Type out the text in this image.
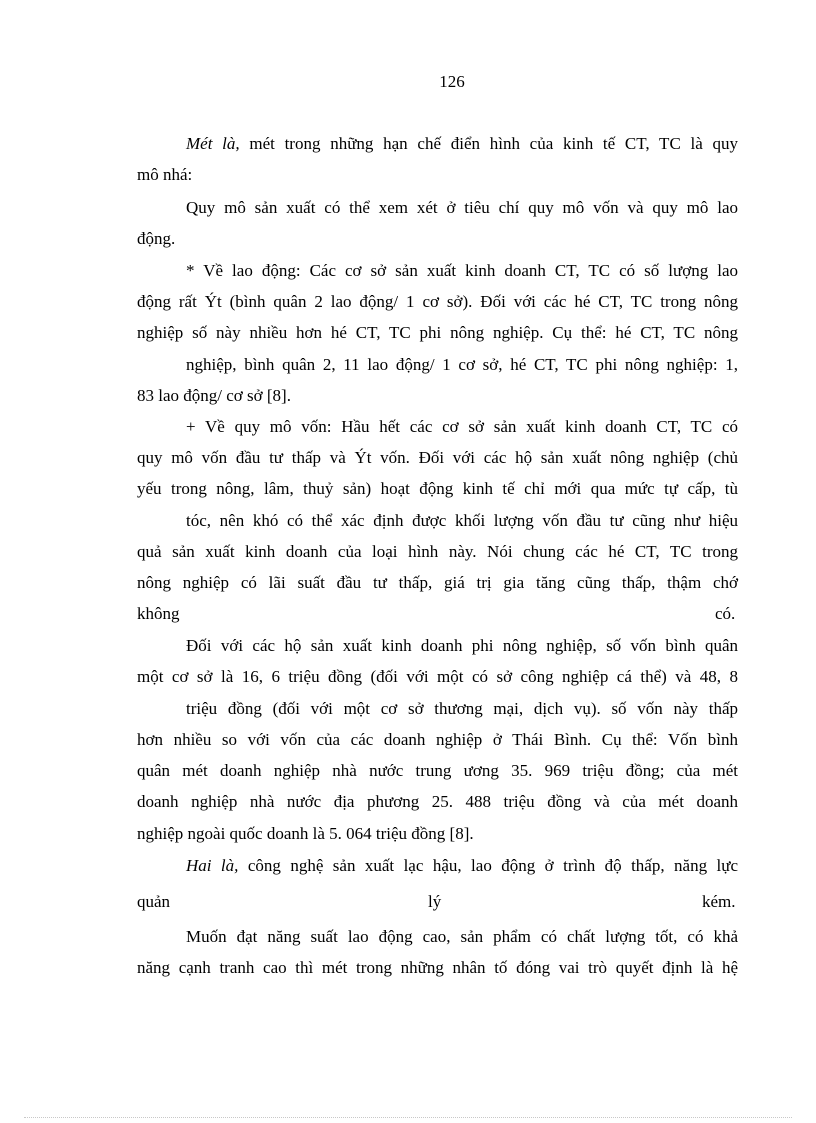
126
Mét là, mét trong những hạn chế điển hình của kinh tế CT, TC là quy
mô nhá:
Quy mô sản xuất có thể xem xét ở tiêu chí quy mô vốn và quy mô lao
động.
* Về lao động: Các cơ sở sản xuất kinh doanh CT, TC có số lượng lao
động rất Ýt (bình quân 2 lao động/ 1 cơ sở). Đối với các hé CT, TC trong nông
nghiệp số này nhiều hơn hé CT, TC phi nông nghiệp. Cụ thể: hé CT, TC nông
nghiệp, bình quân 2, 11 lao động/ 1 cơ sở, hé CT, TC phi nông nghiệp: 1,
83 lao động/ cơ sở [8].
+ Về quy mô vốn: Hầu hết các cơ sở sản xuất kinh doanh CT, TC có
quy mô vốn đầu tư thấp và Ýt vốn. Đối với các hộ sản xuất nông nghiệp (chủ
yếu trong nông, lâm, thuỷ sản) hoạt động kinh tế chỉ mới qua mức tự cấp, tù
tóc, nên khó có thể xác định được khối lượng vốn đầu tư cũng như hiệu
quả sản xuất kinh doanh của loại hình này. Nói chung các hé CT, TC trong
nông nghiệp có lãi suất đầu tư thấp, giá trị gia tăng cũng thấp, thậm chớ
không	có.
Đối với các hộ sản xuất kinh doanh phi nông nghiệp, số vốn bình quân
một cơ sở là 16, 6 triệu đồng (đối với một có sở công nghiệp cá thể) và 48, 8
triệu đồng (đối với một cơ sở thương mại, dịch vụ). số vốn này thấp
hơn nhiều so với vốn của các doanh nghiệp ở Thái Bình. Cụ thể: Vốn bình
quân mét doanh nghiệp nhà nước trung ương 35. 969 triệu đồng; của mét
doanh nghiệp nhà nước địa phương 25. 488 triệu đồng và của mét doanh
nghiệp ngoài quốc doanh là 5. 064 triệu đồng [8].
Hai là, công nghệ sản xuất lạc hậu, lao động ở trình độ thấp, năng lực
quản	lý	kém.
Muốn đạt năng suất lao động cao, sản phẩm có chất lượng tốt, có khả
năng cạnh tranh cao thì mét trong những nhân tố đóng vai trò quyết định là hệ
